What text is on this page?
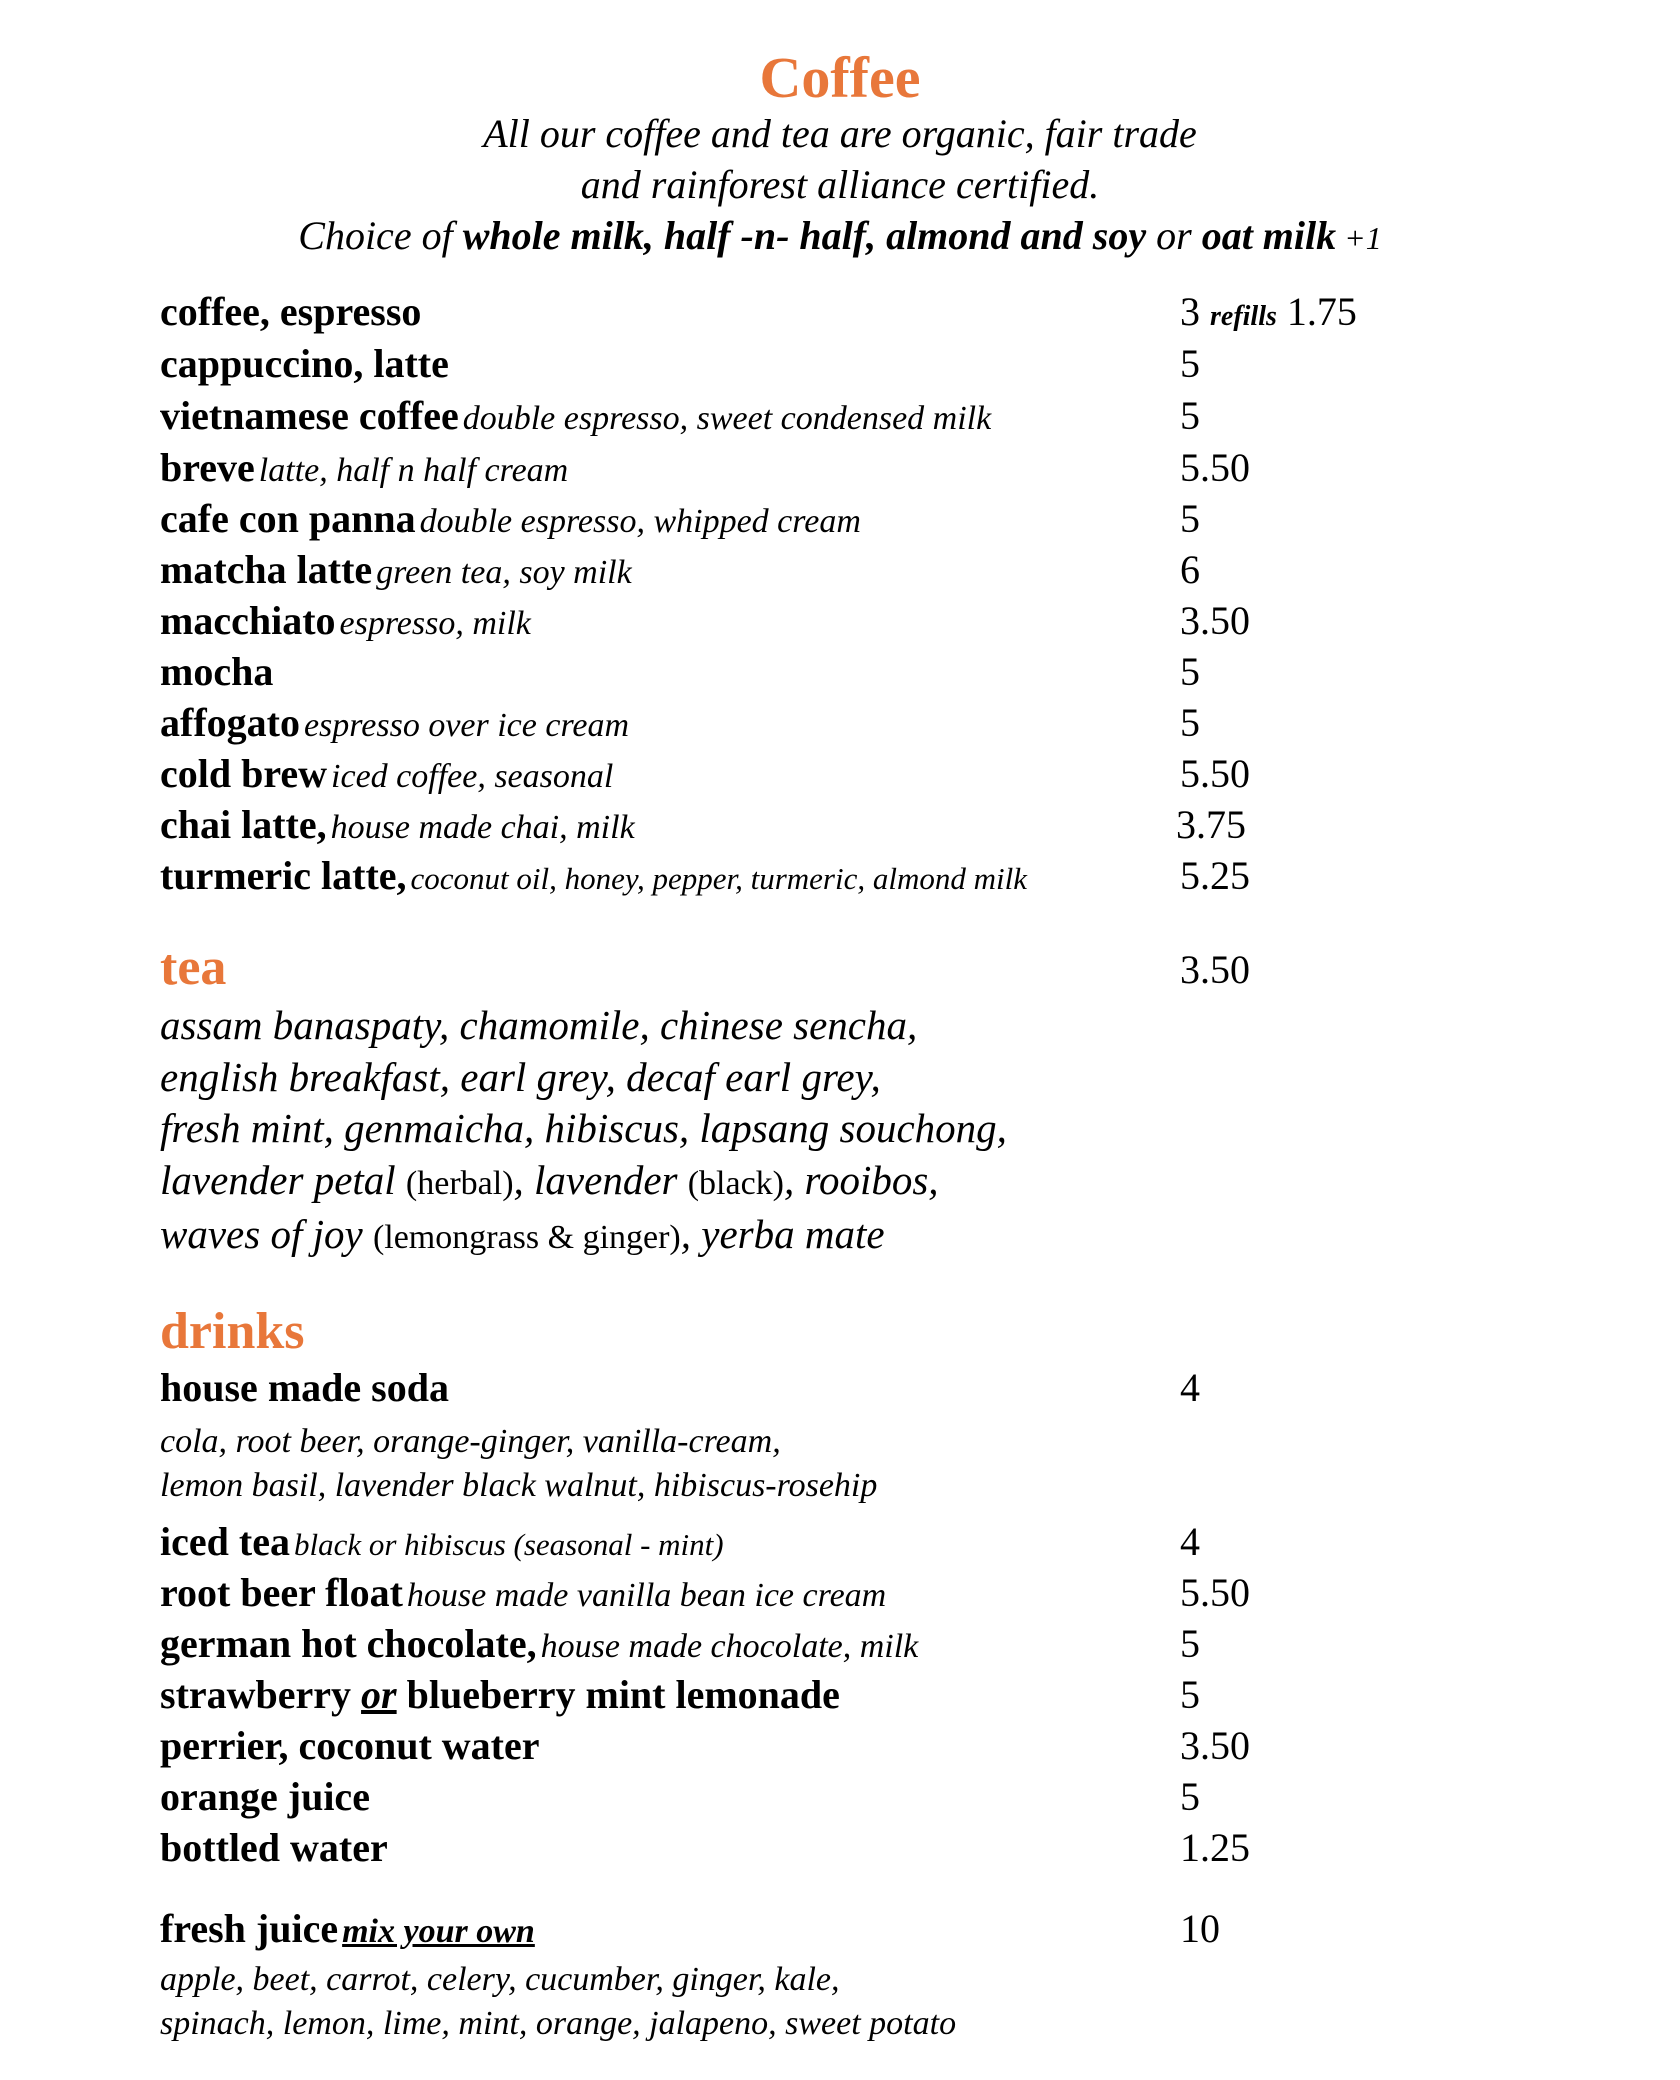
Coffee
All our coffee and tea are organic, fair trade
and rainforest alliance certified.
Choice of whole milk, half -n- half, almond and soy or oat milk +1
coffee, espresso	3 refills 1.75
cappuccino, latte	5
vietnamese coffee double espresso, sweet condensed milk	5
breve latte, half n half cream	5.50
cafe con panna double espresso, whipped cream	5
matcha latte green tea, soy milk	6
macchiato espresso, milk	3.50
mocha	5
affogato espresso over ice cream	5
cold brew iced coffee, seasonal	5.50
chai latte, house made chai, milk	3.75
turmeric latte, coconut oil, honey, pepper, turmeric, almond milk	5.25
tea	3.50
assam banaspaty, chamomile, chinese sencha,
english breakfast, earl grey, decaf earl grey,
fresh mint, genmaicha, hibiscus, lapsang souchong,
lavender petal (herbal), lavender (black), rooibos,
waves of joy (lemongrass & ginger), yerba mate
drinks
house made soda	4
cola, root beer, orange-ginger, vanilla-cream,
lemon basil, lavender black walnut, hibiscus-rosehip
iced tea black or hibiscus (seasonal - mint)	4
root beer float house made vanilla bean ice cream	5.50
german hot chocolate, house made chocolate, milk	5
strawberry or blueberry mint lemonade	5
perrier, coconut water	3.50
orange juice	5
bottled water	1.25
fresh juice mix your own	10
apple, beet, carrot, celery, cucumber, ginger, kale,
spinach, lemon, lime, mint, orange, jalapeno, sweet potato
